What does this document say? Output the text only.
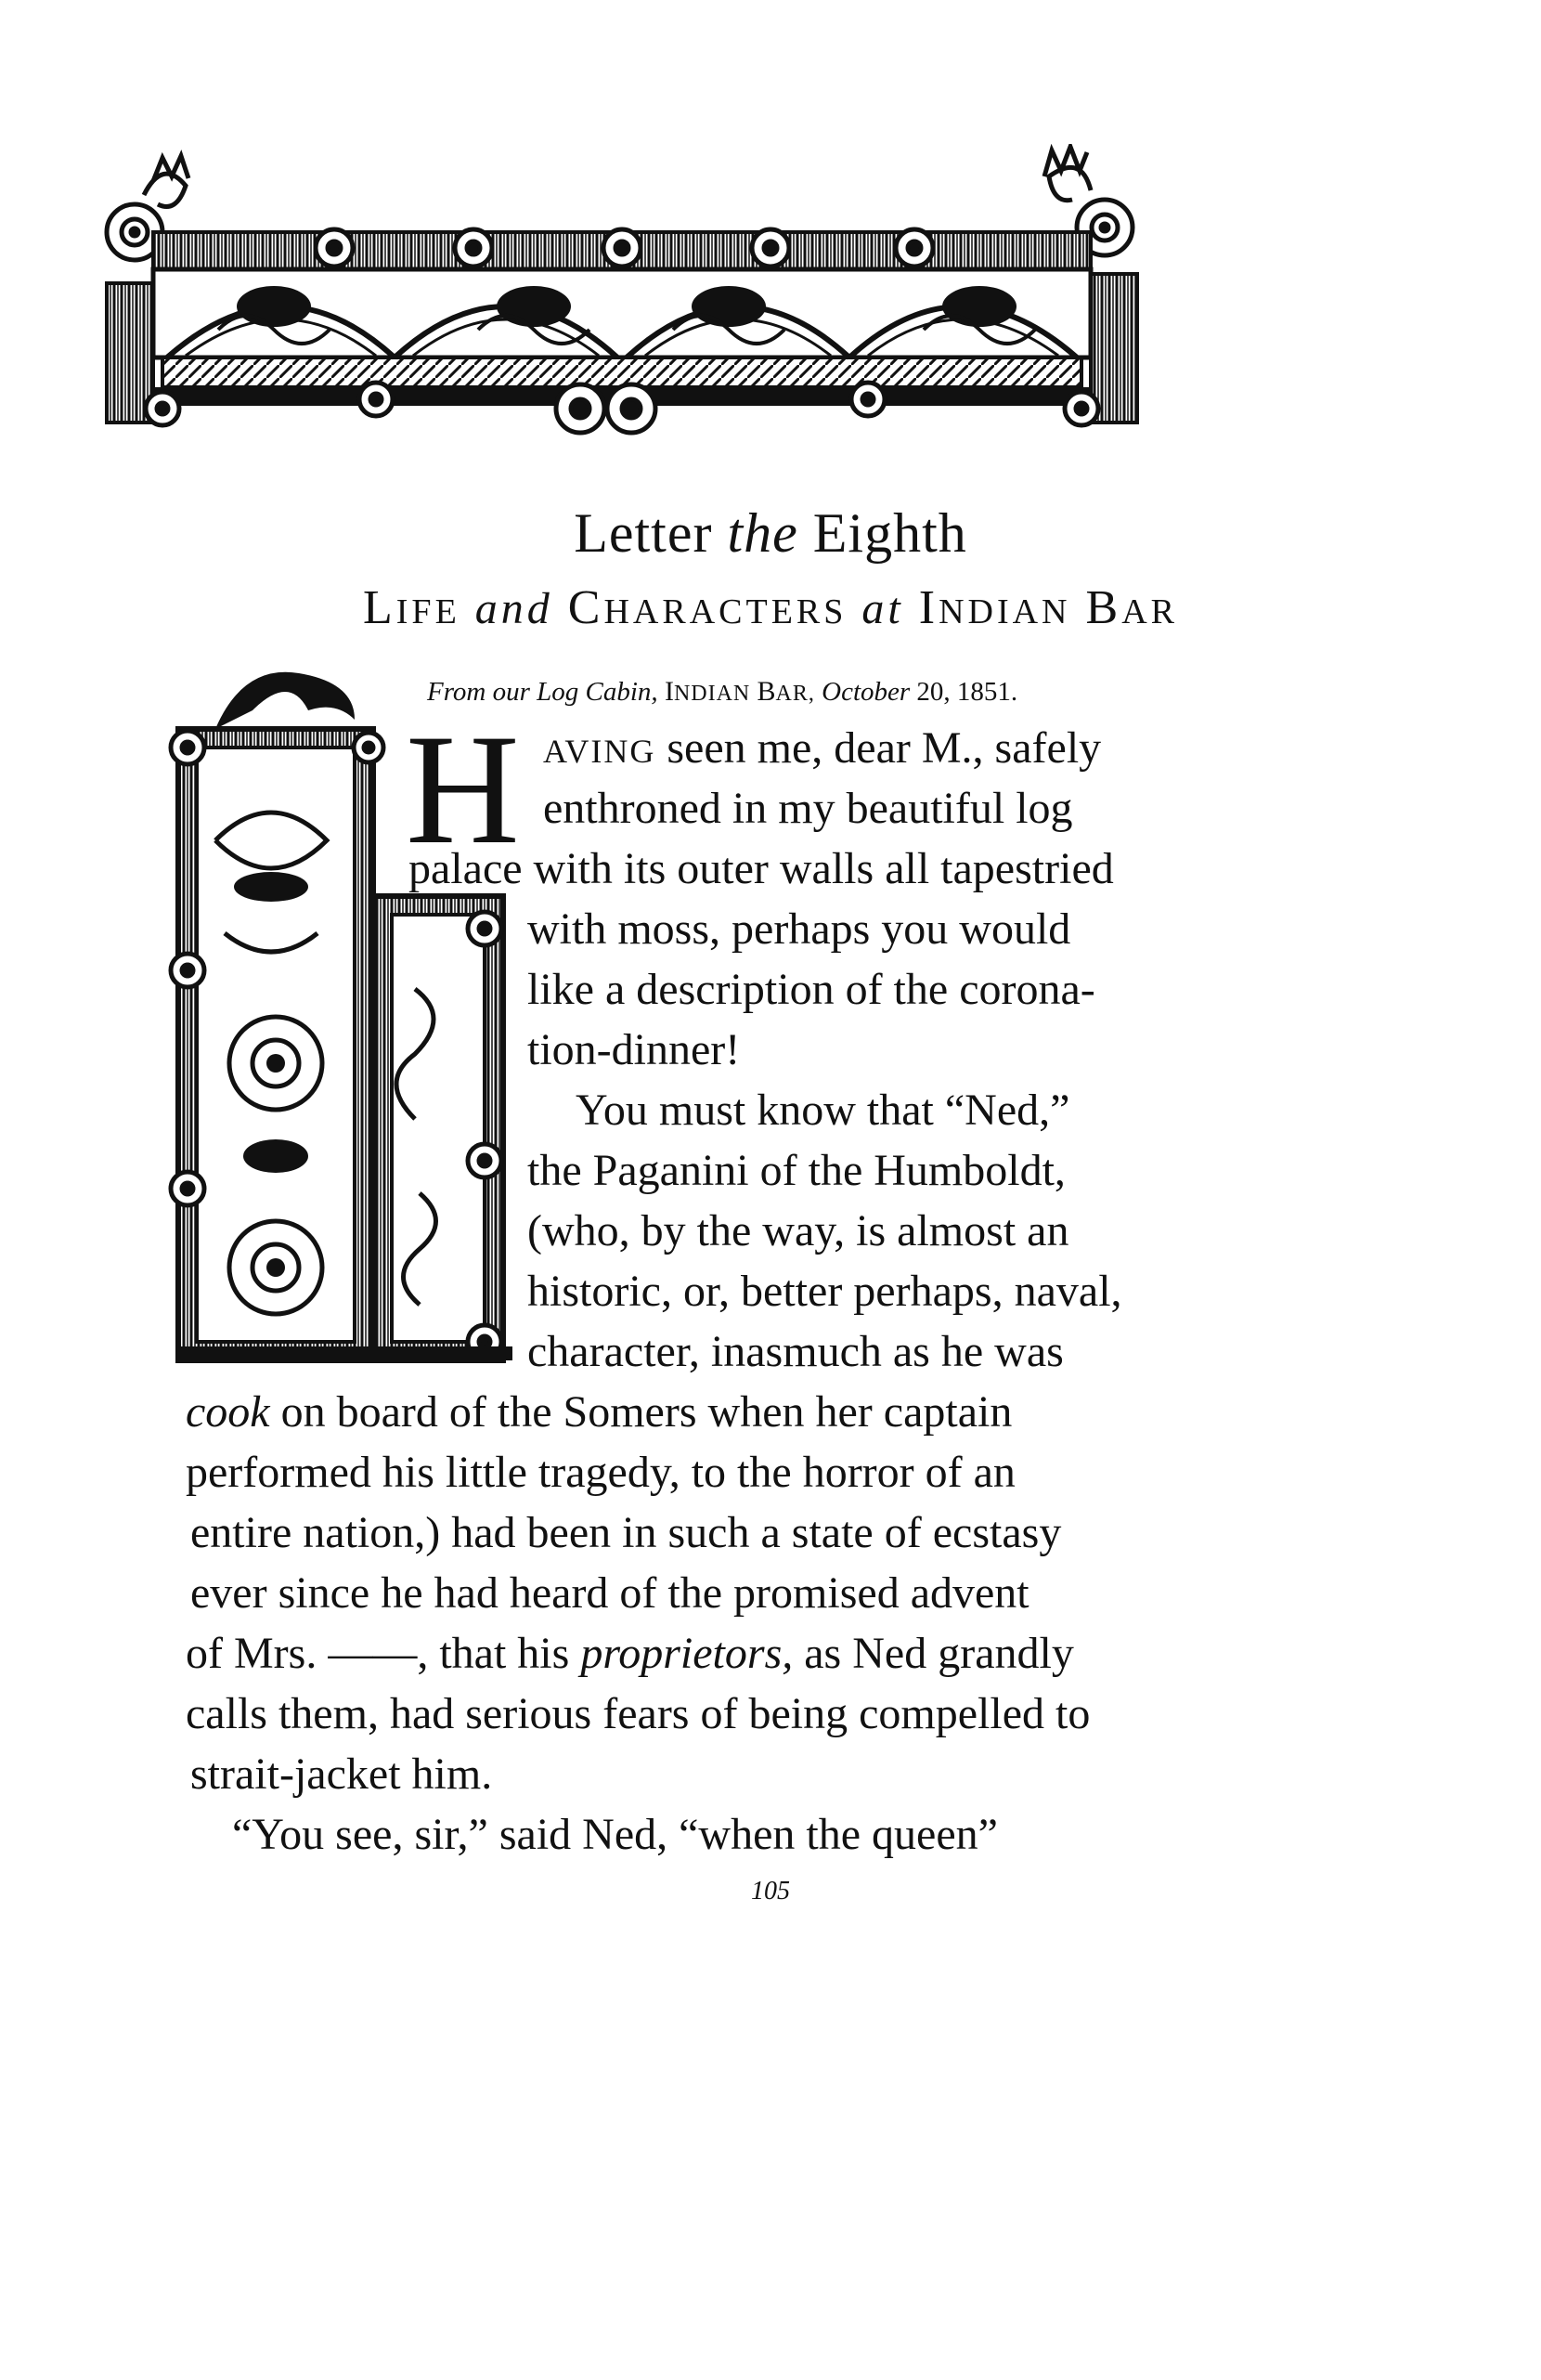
Letter the Eighth
LIFE and CHARACTERS at INDIAN BAR
From our Log Cabin, INDIAN BAR, October 20, 1851.
H AVING seen me, dear M., safely
enthroned in my beautiful log
palace with its outer walls all tapestried
with moss, perhaps you would
like a description of the corona-
tion-dinner!
You must know that “Ned,”
the Paganini of the Humboldt,
(who, by the way, is almost an
historic, or, better perhaps, naval,
character, inasmuch as he was
cook on board of the Somers when her captain
performed his little tragedy, to the horror of an
entire nation,) had been in such a state of ecstasy
ever since he had heard of the promised advent
of Mrs. ——, that his proprietors, as Ned grandly
calls them, had serious fears of being compelled to
strait-jacket him.
“You see, sir,” said Ned, “when the queen”
105
